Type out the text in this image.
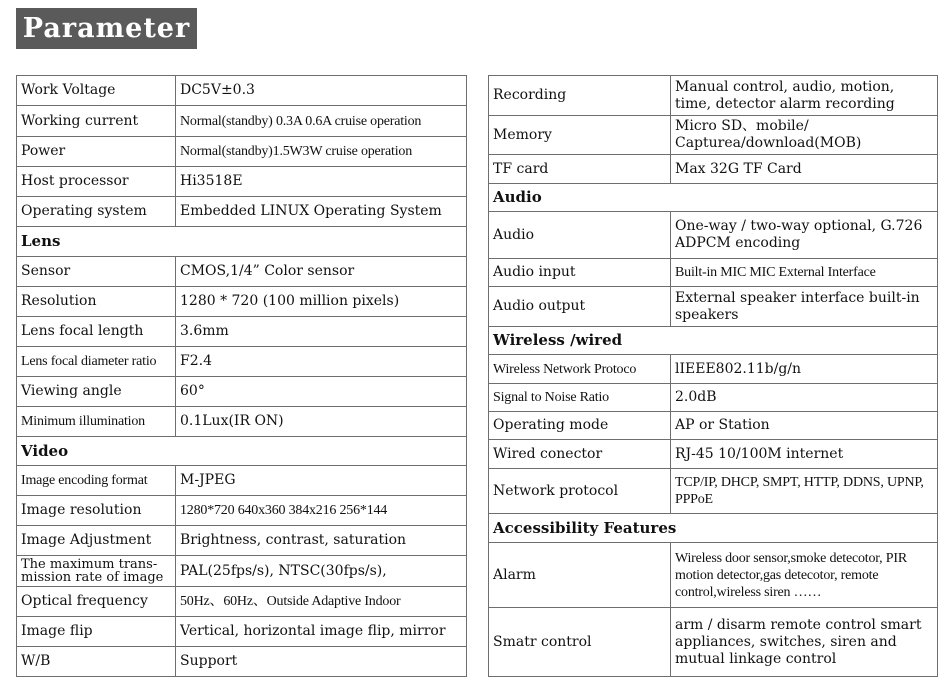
Parameter
Work Voltage	DC5V±0.3
Working current	Normal(standby) 0.3A 0.6A cruise operation
Power	Normal(standby)1.5W3W cruise operation
Host processor	Hi3518E
Operating system	Embedded LINUX Operating System
Lens	
Sensor	CMOS,1/4” Color sensor
Resolution	1280 * 720 (100 million pixels)
Lens focal length	3.6mm
Lens focal diameter ratio	F2.4
Viewing angle	60°
Minimum illumination	0.1Lux(IR ON)
Video	
Image encoding format	M-JPEG
Image resolution	1280*720 640x360 384x216 256*144
Image Adjustment	Brightness, contrast, saturation
The maximum trans-mission rate of image	PAL(25fps/s), NTSC(30fps/s),
Optical frequency	50Hz、60Hz、Outside Adaptive Indoor
Image flip	Vertical, horizontal image flip, mirror
W/B	Support
Recording	Manual control, audio, motion, time, detector alarm recording
Memory	Micro SD、mobile/ Capturea/download(MOB)
TF card	Max 32G TF Card
Audio	
Audio	One-way / two-way optional, G.726 ADPCM encoding
Audio input	Built-in MIC MIC External Interface
Audio output	External speaker interface built-in speakers
Wireless /wired	
Wireless Network Protoco	lIEEE802.11b/g/n
Signal to Noise Ratio	2.0dB
Operating mode	AP or Station
Wired conector	RJ-45 10/100M internet
Network protocol	TCP/IP, DHCP, SMPT, HTTP, DDNS, UPNP, PPPoE
Accessibility Features	
Alarm	Wireless door sensor,smoke detecotor, PIR motion detector,gas detecotor, remote control,wireless siren ……
Smatr control	arm / disarm remote control smart appliances, switches, siren and mutual linkage control
